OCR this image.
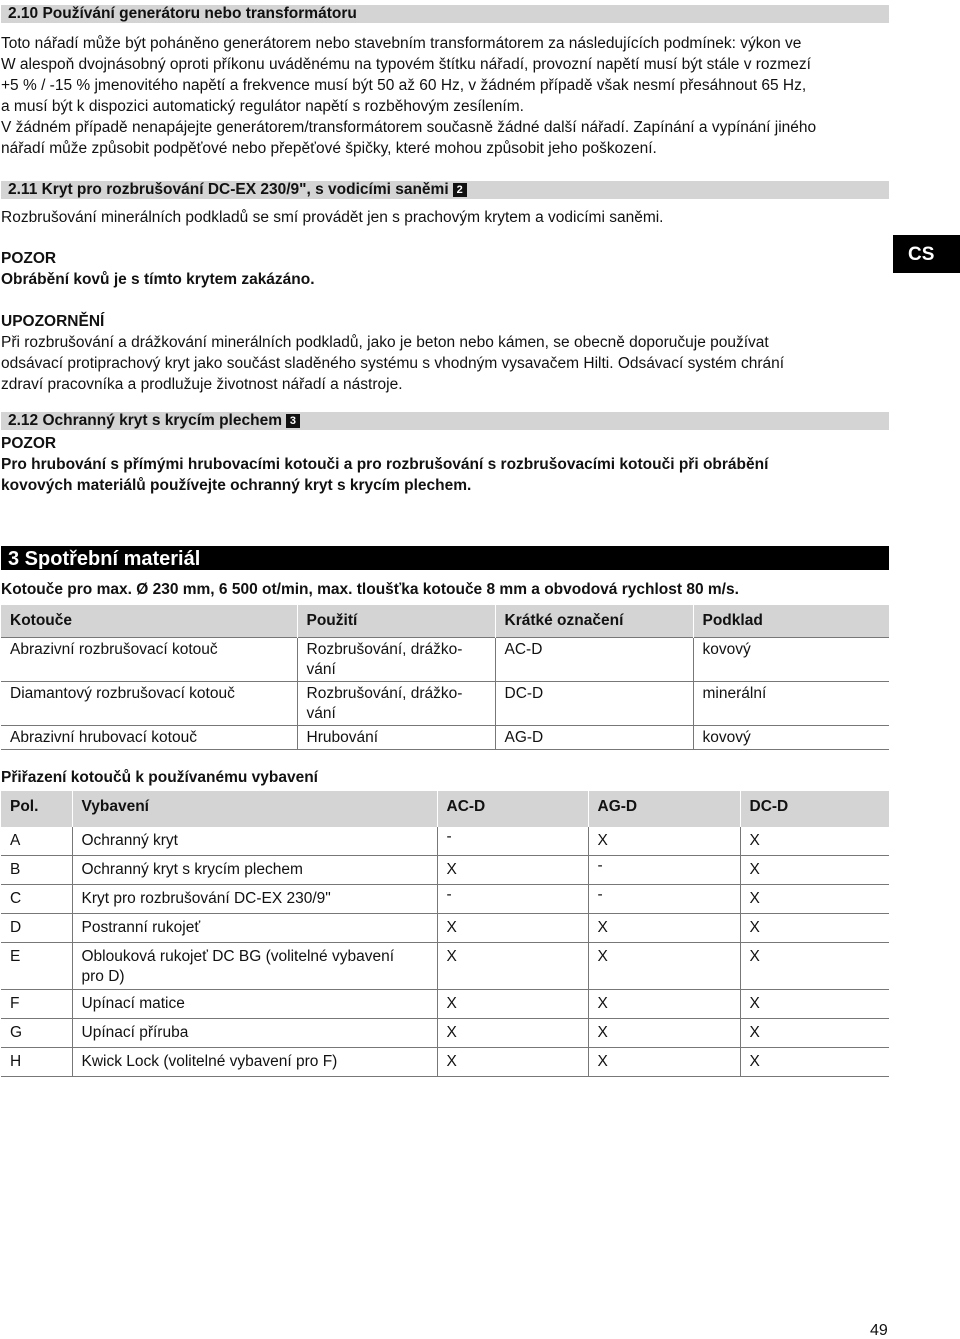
2.10 Používání generátoru nebo transformátoru

Toto nářadí může být poháněno generátorem nebo stavebním transformátorem za následujících podmínek: výkon ve
W alespoň dvojnásobný oproti příkonu uváděnému na typovém štítku nářadí, provozní napětí musí být stále v rozmezí
+5 % / -15 % jmenovitého napětí a frekvence musí být 50 až 60 Hz, v žádném případě však nesmí přesáhnout 65 Hz,
a musí být k dispozici automatický regulátor napětí s rozběhovým zesílením.
V žádném případě nenapájejte generátorem/transformátorem současně žádné další nářadí. Zapínání a vypínání jiného
nářadí může způsobit podpěťové nebo přepěťové špičky, které mohou způsobit jeho poškození.

2.11 Kryt pro rozbrušování DC-EX 230/9", s vodicími saněmi 2

Rozbrušování minerálních podkladů se smí provádět jen s prachovým krytem a vodicími saněmi.

POZOR

Obrábění kovů je s tímto krytem zakázáno.

UPOZORNĚNÍ

Při rozbrušování a drážkování minerálních podkladů, jako je beton nebo kámen, se obecně doporučuje používat
odsávací protiprachový kryt jako součást sladěného systému s vhodným vysavačem Hilti. Odsávací systém chrání
zdraví pracovníka a prodlužuje životnost nářadí a nástroje.

2.12 Ochranný kryt s krycím plechem 3

POZOR

Pro hrubování s přímými hrubovacími kotouči a pro rozbrušování s rozbrušovacími kotouči při obrábění
kovových materiálů používejte ochranný kryt s krycím plechem.

3 Spotřební materiál

Kotouče pro max. Ø 230 mm, 6 500 ot/min, max. tloušťka kotouče 8 mm a obvodová rychlost 80 m/s.

Kotouče	Použití	Krátké označení	Podklad
Abrazivní rozbrušovací kotouč	Rozbrušování, drážko-
vání	AC-D	kovový
Diamantový rozbrušovací kotouč	Rozbrušování, drážko-
vání	DC-D	minerální
Abrazivní hrubovací kotouč	Hrubování	AG-D	kovový

Přiřazení kotoučů k používanému vybavení

Pol.	Vybavení	AC-D	AG-D	DC-D
A	Ochranný kryt	-	X	X
B	Ochranný kryt s krycím plechem	X	-	X
C	Kryt pro rozbrušování DC-EX 230/9"	-	-	X
D	Postranní rukojeť	X	X	X
E	Oblouková rukojeť DC BG (volitelné vybavení
pro D)	X	X	X
F	Upínací matice	X	X	X
G	Upínací příruba	X	X	X
H	Kwick Lock (volitelné vybavení pro F)	X	X	X
CS
49
